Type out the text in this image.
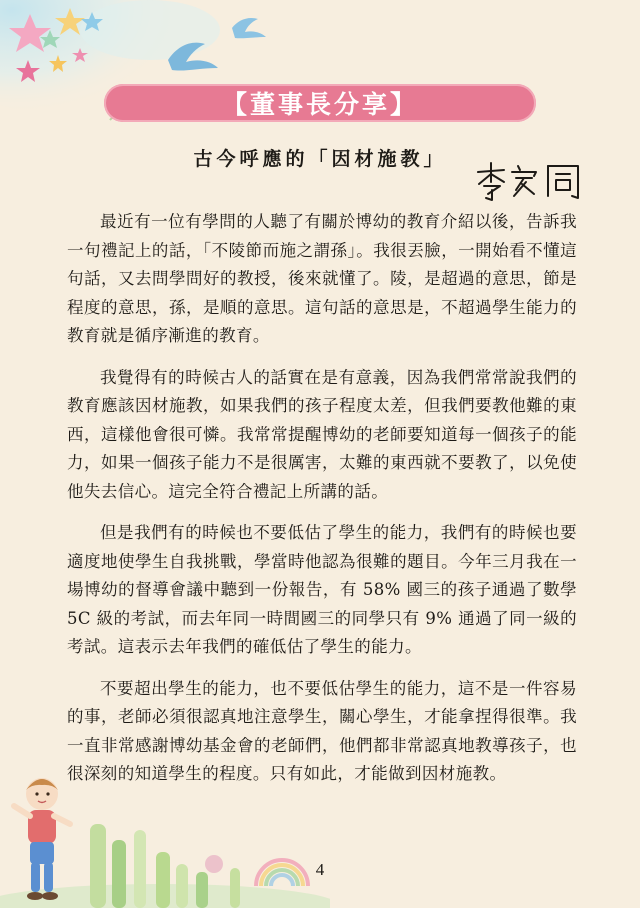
【董事長分享】
古今呼應的「因材施教」

最近有一位有學問的人聽了有關於博幼的教育介紹以後，告訴我一句禮記上的話，「不陵節而施之謂孫」。我很丟臉，一開始看不懂這句話，又去問學問好的教授，後來就懂了。陵，是超過的意思，節是程度的意思，孫，是順的意思。這句話的意思是，不超過學生能力的教育就是循序漸進的教育。

我覺得有的時候古人的話實在是有意義，因為我們常常說我們的教育應該因材施教，如果我們的孩子程度太差，但我們要教他難的東西，這樣他會很可憐。我常常提醒博幼的老師要知道每一個孩子的能力，如果一個孩子能力不是很厲害，太難的東西就不要教了，以免使他失去信心。這完全符合禮記上所講的話。

但是我們有的時候也不要低估了學生的能力，我們有的時候也要適度地使學生自我挑戰，學當時他認為很難的題目。今年三月我在一場博幼的督導會議中聽到一份報告，有 58% 國三的孩子通過了數學 5C 級的考試，而去年同一時間國三的同學只有 9% 通過了同一級的考試。這表示去年我們的確低估了學生的能力。

不要超出學生的能力，也不要低估學生的能力，這不是一件容易的事，老師必須很認真地注意學生，關心學生，才能拿捏得很準。我一直非常感謝博幼基金會的老師們，他們都非常認真地教導孩子，也很深刻的知道學生的程度。只有如此，才能做到因材施教。

4
